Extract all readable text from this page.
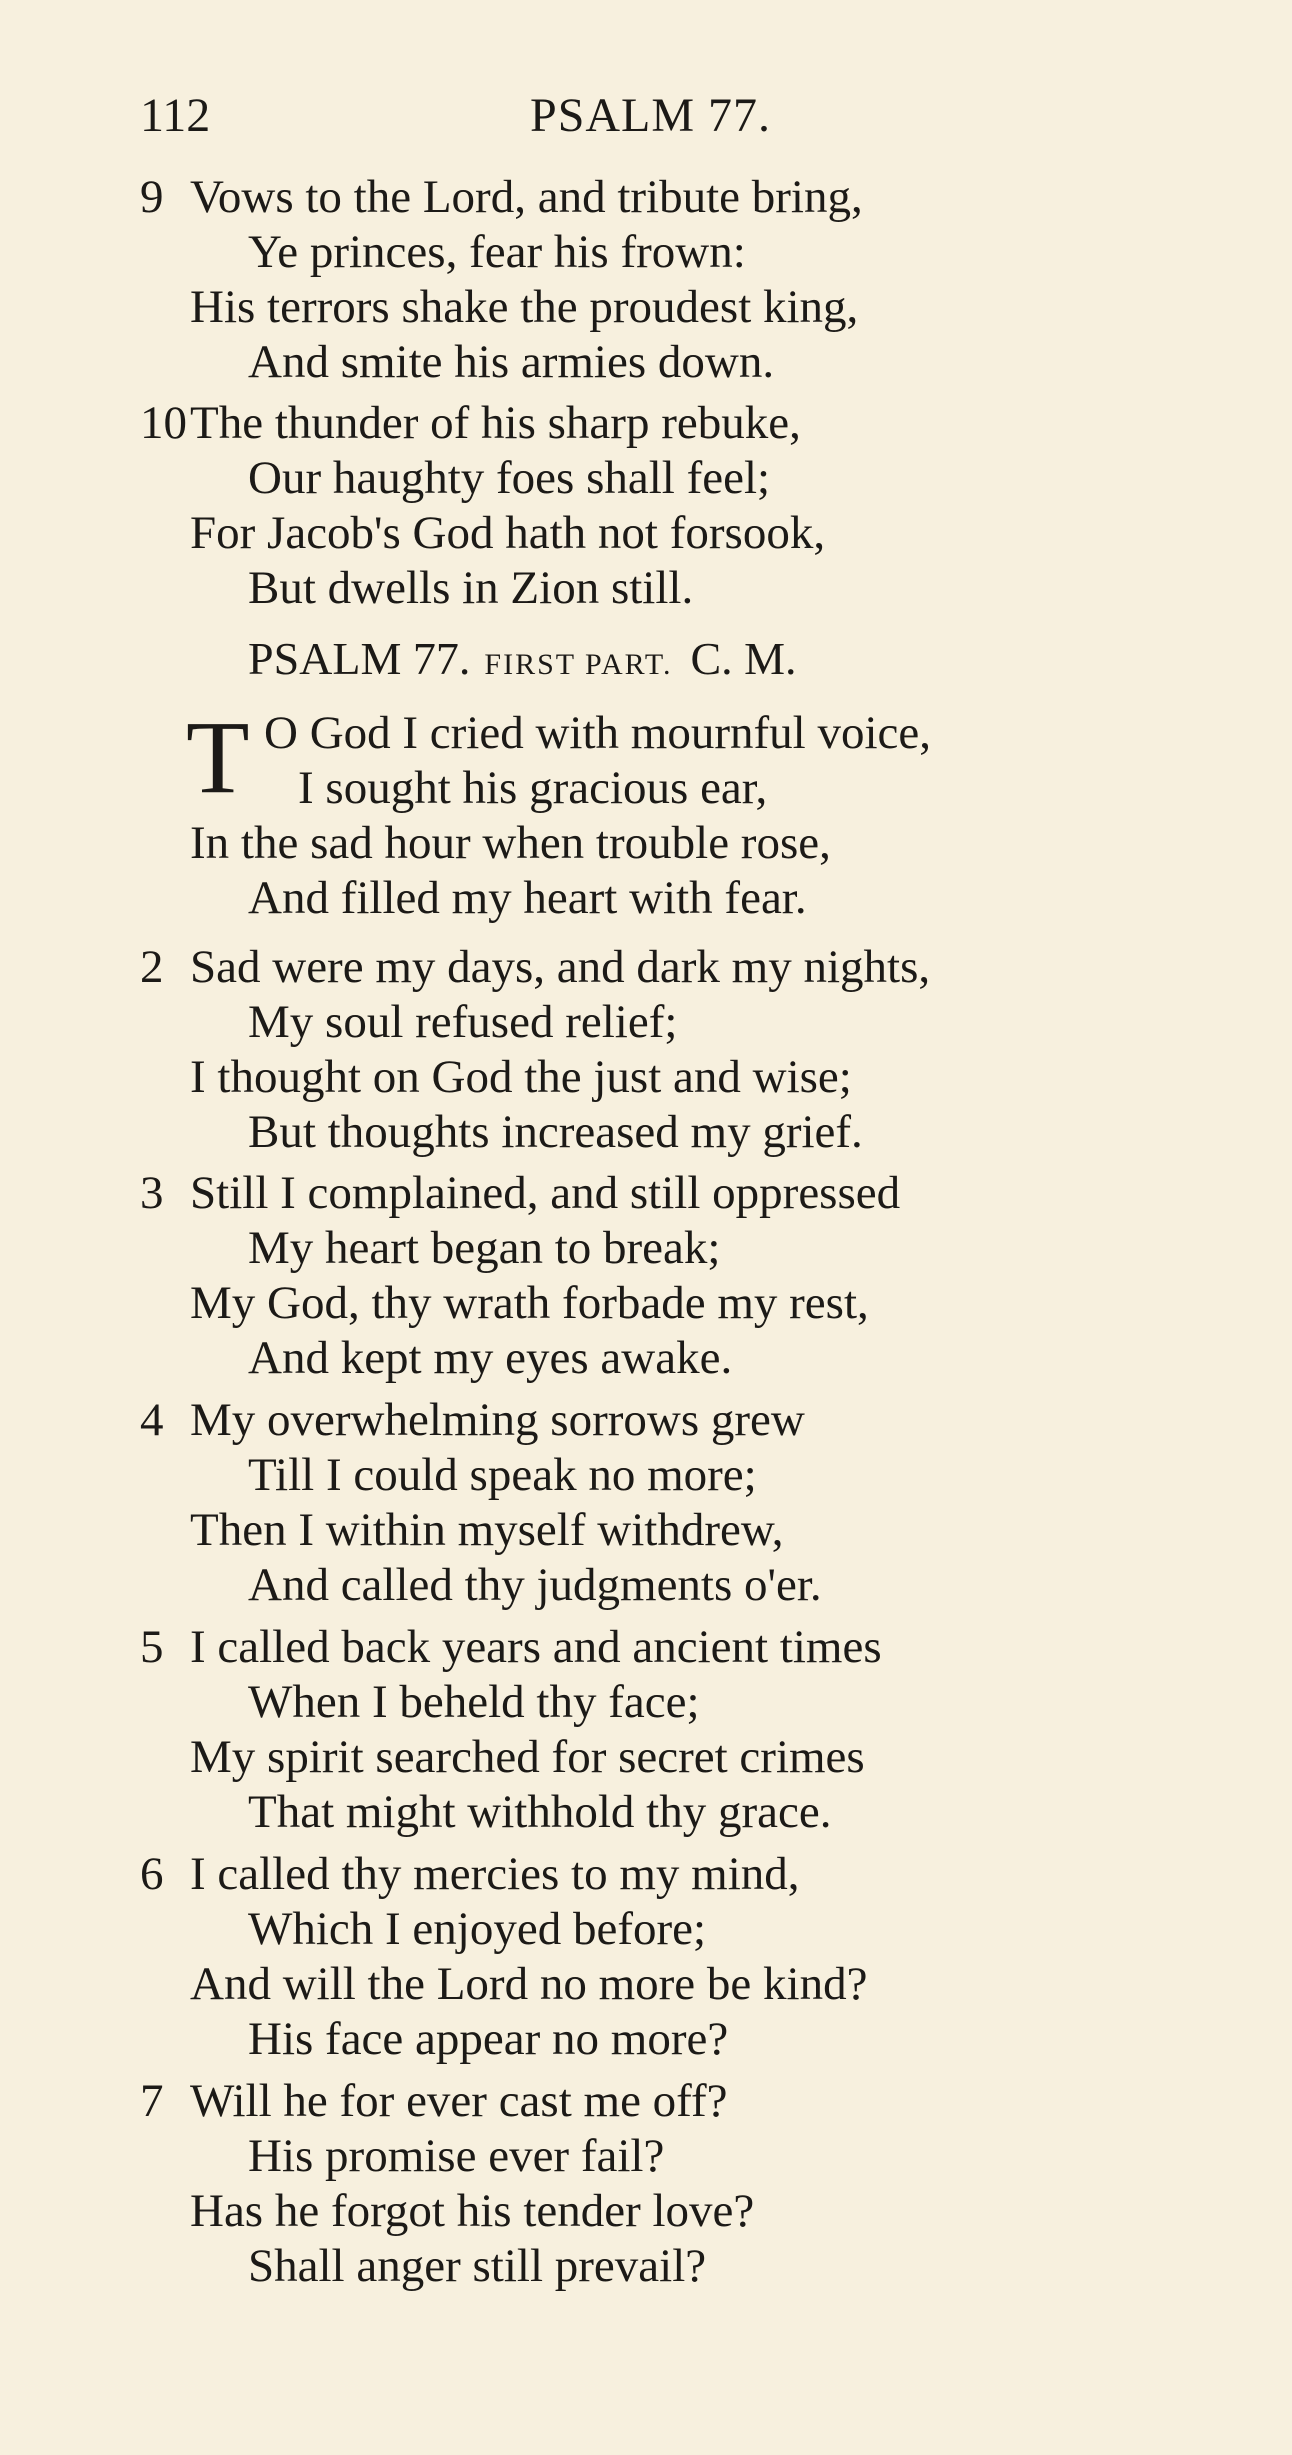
112	PSALM 77.
9 Vows to the Lord, and tribute bring,
Ye princes, fear his frown:
His terrors shake the proudest king,
And smite his armies down.
10 The thunder of his sharp rebuke,
Our haughty foes shall feel;
For Jacob's God hath not forsook,
But dwells in Zion still.
PSALM 77. FIRST PART. C. M.
T O God I cried with mournful voice,
I sought his gracious ear,
In the sad hour when trouble rose,
And filled my heart with fear.
2 Sad were my days, and dark my nights,
My soul refused relief;
I thought on God the just and wise;
But thoughts increased my grief.
3 Still I complained, and still oppressed
My heart began to break;
My God, thy wrath forbade my rest,
And kept my eyes awake.
4 My overwhelming sorrows grew
Till I could speak no more;
Then I within myself withdrew,
And called thy judgments o'er.
5 I called back years and ancient times
When I beheld thy face;
My spirit searched for secret crimes
That might withhold thy grace.
6 I called thy mercies to my mind,
Which I enjoyed before;
And will the Lord no more be kind?
His face appear no more?
7 Will he for ever cast me off?
His promise ever fail?
Has he forgot his tender love?
Shall anger still prevail?
